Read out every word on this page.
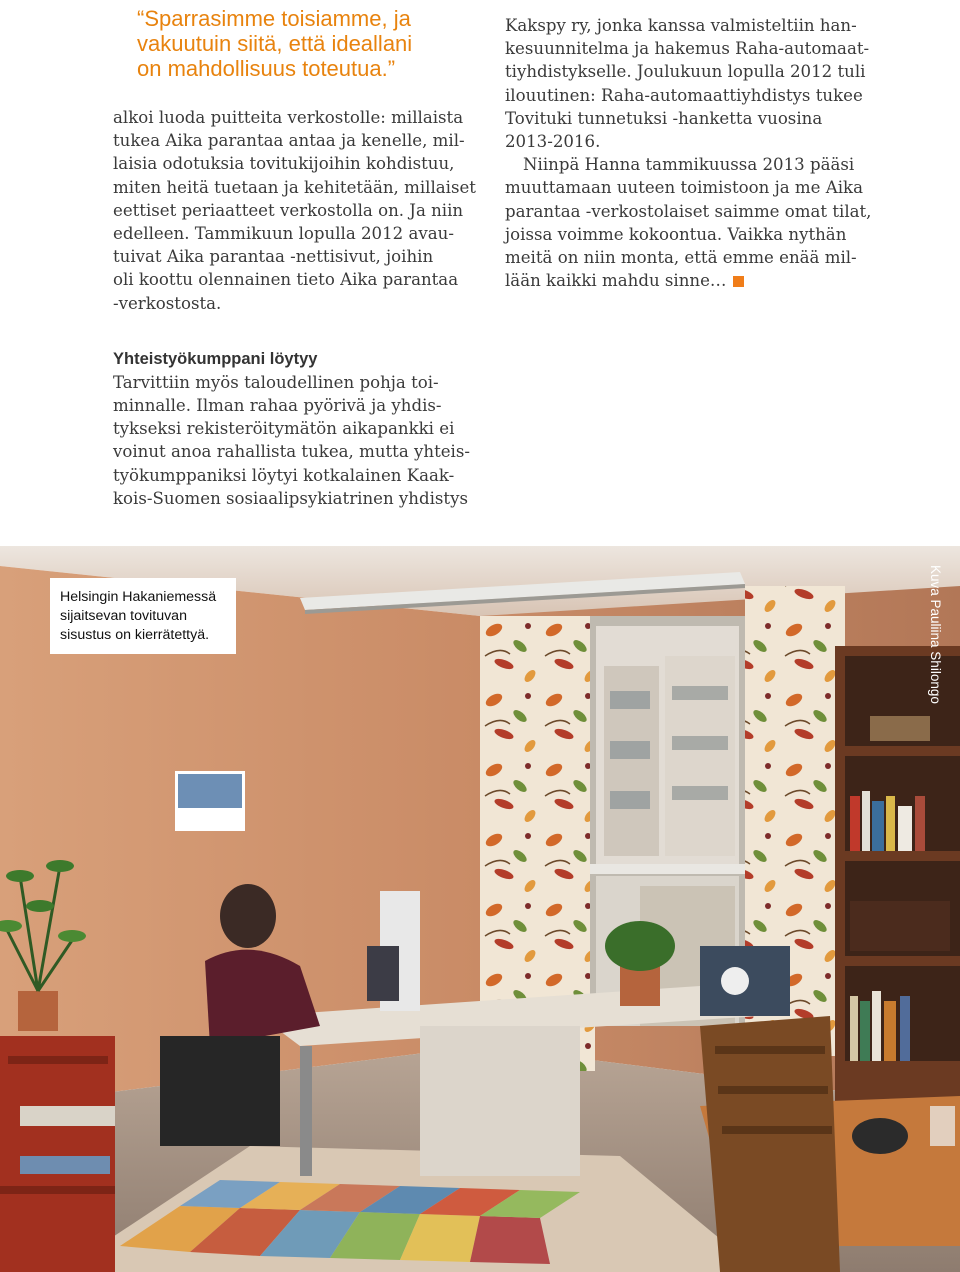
“Sparrasimme toisiamme, ja
vakuutuin siitä, että ideallani
on mahdollisuus toteutua.”
alkoi luoda puitteita verkostolle: millaista
tukea Aika parantaa antaa ja kenelle, mil-
laisia odotuksia tovitukijoihin kohdistuu,
miten heitä tuetaan ja kehitetään, millaiset
eettiset periaatteet verkostolla on. Ja niin
edelleen. Tammikuun lopulla 2012 avau-
tuivat Aika parantaa -nettisivut, joihin
oli koottu olennainen tieto Aika parantaa
-verkostosta.
Yhteistyökumppani löytyy
Tarvittiin myös taloudellinen pohja toi-
minnalle. Ilman rahaa pyörivä ja yhdis-
tykseksi rekisteröitymätön aikapankki ei
voinut anoa rahallista tukea, mutta yhteis-
työkumppaniksi löytyi kotkalainen Kaak-
kois-Suomen sosiaalipsykiatrinen yhdistys
Kakspy ry, jonka kanssa valmisteltiin han-
kesuunnitelma ja hakemus Raha-automaat-
tiyhdistykselle. Joulukuun lopulla 2012 tuli
ilouutinen: Raha-automaattiyhdistys tukee
Tovituki tunnetuksi -hanketta vuosina
2013-2016.
Niinpä Hanna tammikuussa 2013 pääsi
muuttamaan uuteen toimistoon ja me Aika
parantaa -verkostolaiset saimme omat tilat,
joissa voimme kokoontua. Vaikka nythän
meitä on niin monta, että emme enää mil-
lään kaikki mahdu sinne…
Helsingin Hakaniemessä
sijaitsevan tovituvan
sisustus on kierrätettyä.	Kuva Pauliina Shilongo
